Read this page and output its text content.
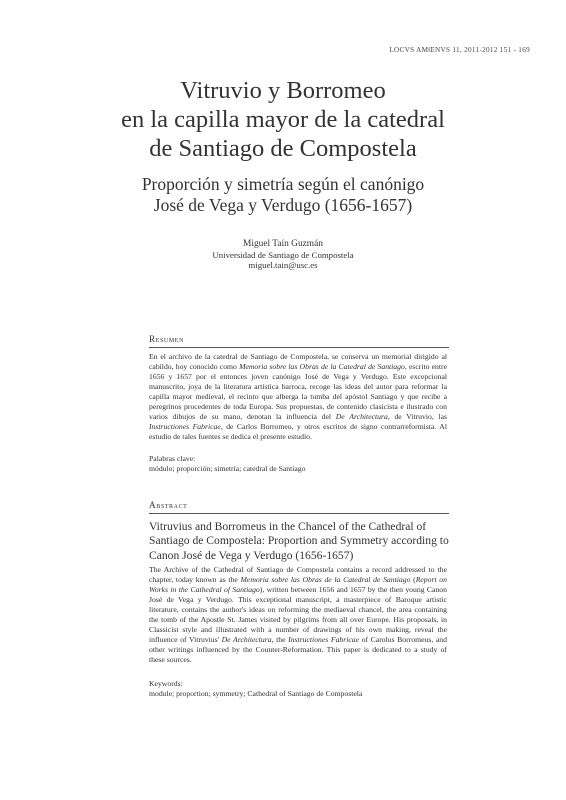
LOCVS AMŒNVS 11, 2011-2012 151 - 169
Vitruvio y Borromeo
en la capilla mayor de la catedral
de Santiago de Compostela
Proporción y simetría según el canónigo
José de Vega y Verdugo (1656-1657)
Miguel Taín Guzmán
Universidad de Santiago de Compostela
miguel.tain@usc.es
Resumen
En el archivo de la catedral de Santiago de Compostela, se conserva un memorial dirigido al cabildo, hoy conocido como Memoria sobre las Obras de la Catedral de Santiago, escrito entre 1656 y 1657 por el entonces joven canónigo José de Vega y Verdugo. Este excepcional manuscrito, joya de la literatura artística barroca, recoge las ideas del autor para reformar la capilla mayor medieval, el recinto que alberga la tumba del apóstol Santiago y que recibe a peregrinos procedentes de toda Europa. Sus propuestas, de contenido clasicista e ilustrado con varios dibujos de su mano, denotan la influencia del De Architectura, de Vitruvio, las Instructiones Fabricae, de Carlos Borromeo, y otros escritos de signo contrarreformista. Al estudio de tales fuentes se dedica el presente estudio.
Palabras clave:
módulo; proporción; simetría; catedral de Santiago
Abstract
Vitruvius and Borromeus in the Chancel of the Cathedral of Santiago de Compostela: Proportion and Symmetry according to Canon José de Vega y Verdugo (1656-1657)
The Archive of the Cathedral of Santiago de Compostela contains a record addressed to the chapter, today known as the Memoria sobre las Obras de la Catedral de Santiago (Report on Works in the Cathedral of Santiago), written between 1656 and 1657 by the then young Canon José de Vega y Verdugo. This exceptional manuscript, a masterpiece of Baroque artistic literature, contains the author's ideas on reforming the mediaeval chancel, the area containing the tomb of the Apostle St. James visited by pilgrims from all over Europe. His proposals, in Classicist style and illustrated with a number of drawings of his own making, reveal the influence of Vitruvius' De Architectura, the Instructiones Fabricae of Carolus Borromeus, and other writings influenced by the Counter-Reformation. This paper is dedicated to a study of these sources.
Keywords:
module; proportion; symmetry; Cathedral of Santiago de Compostela
